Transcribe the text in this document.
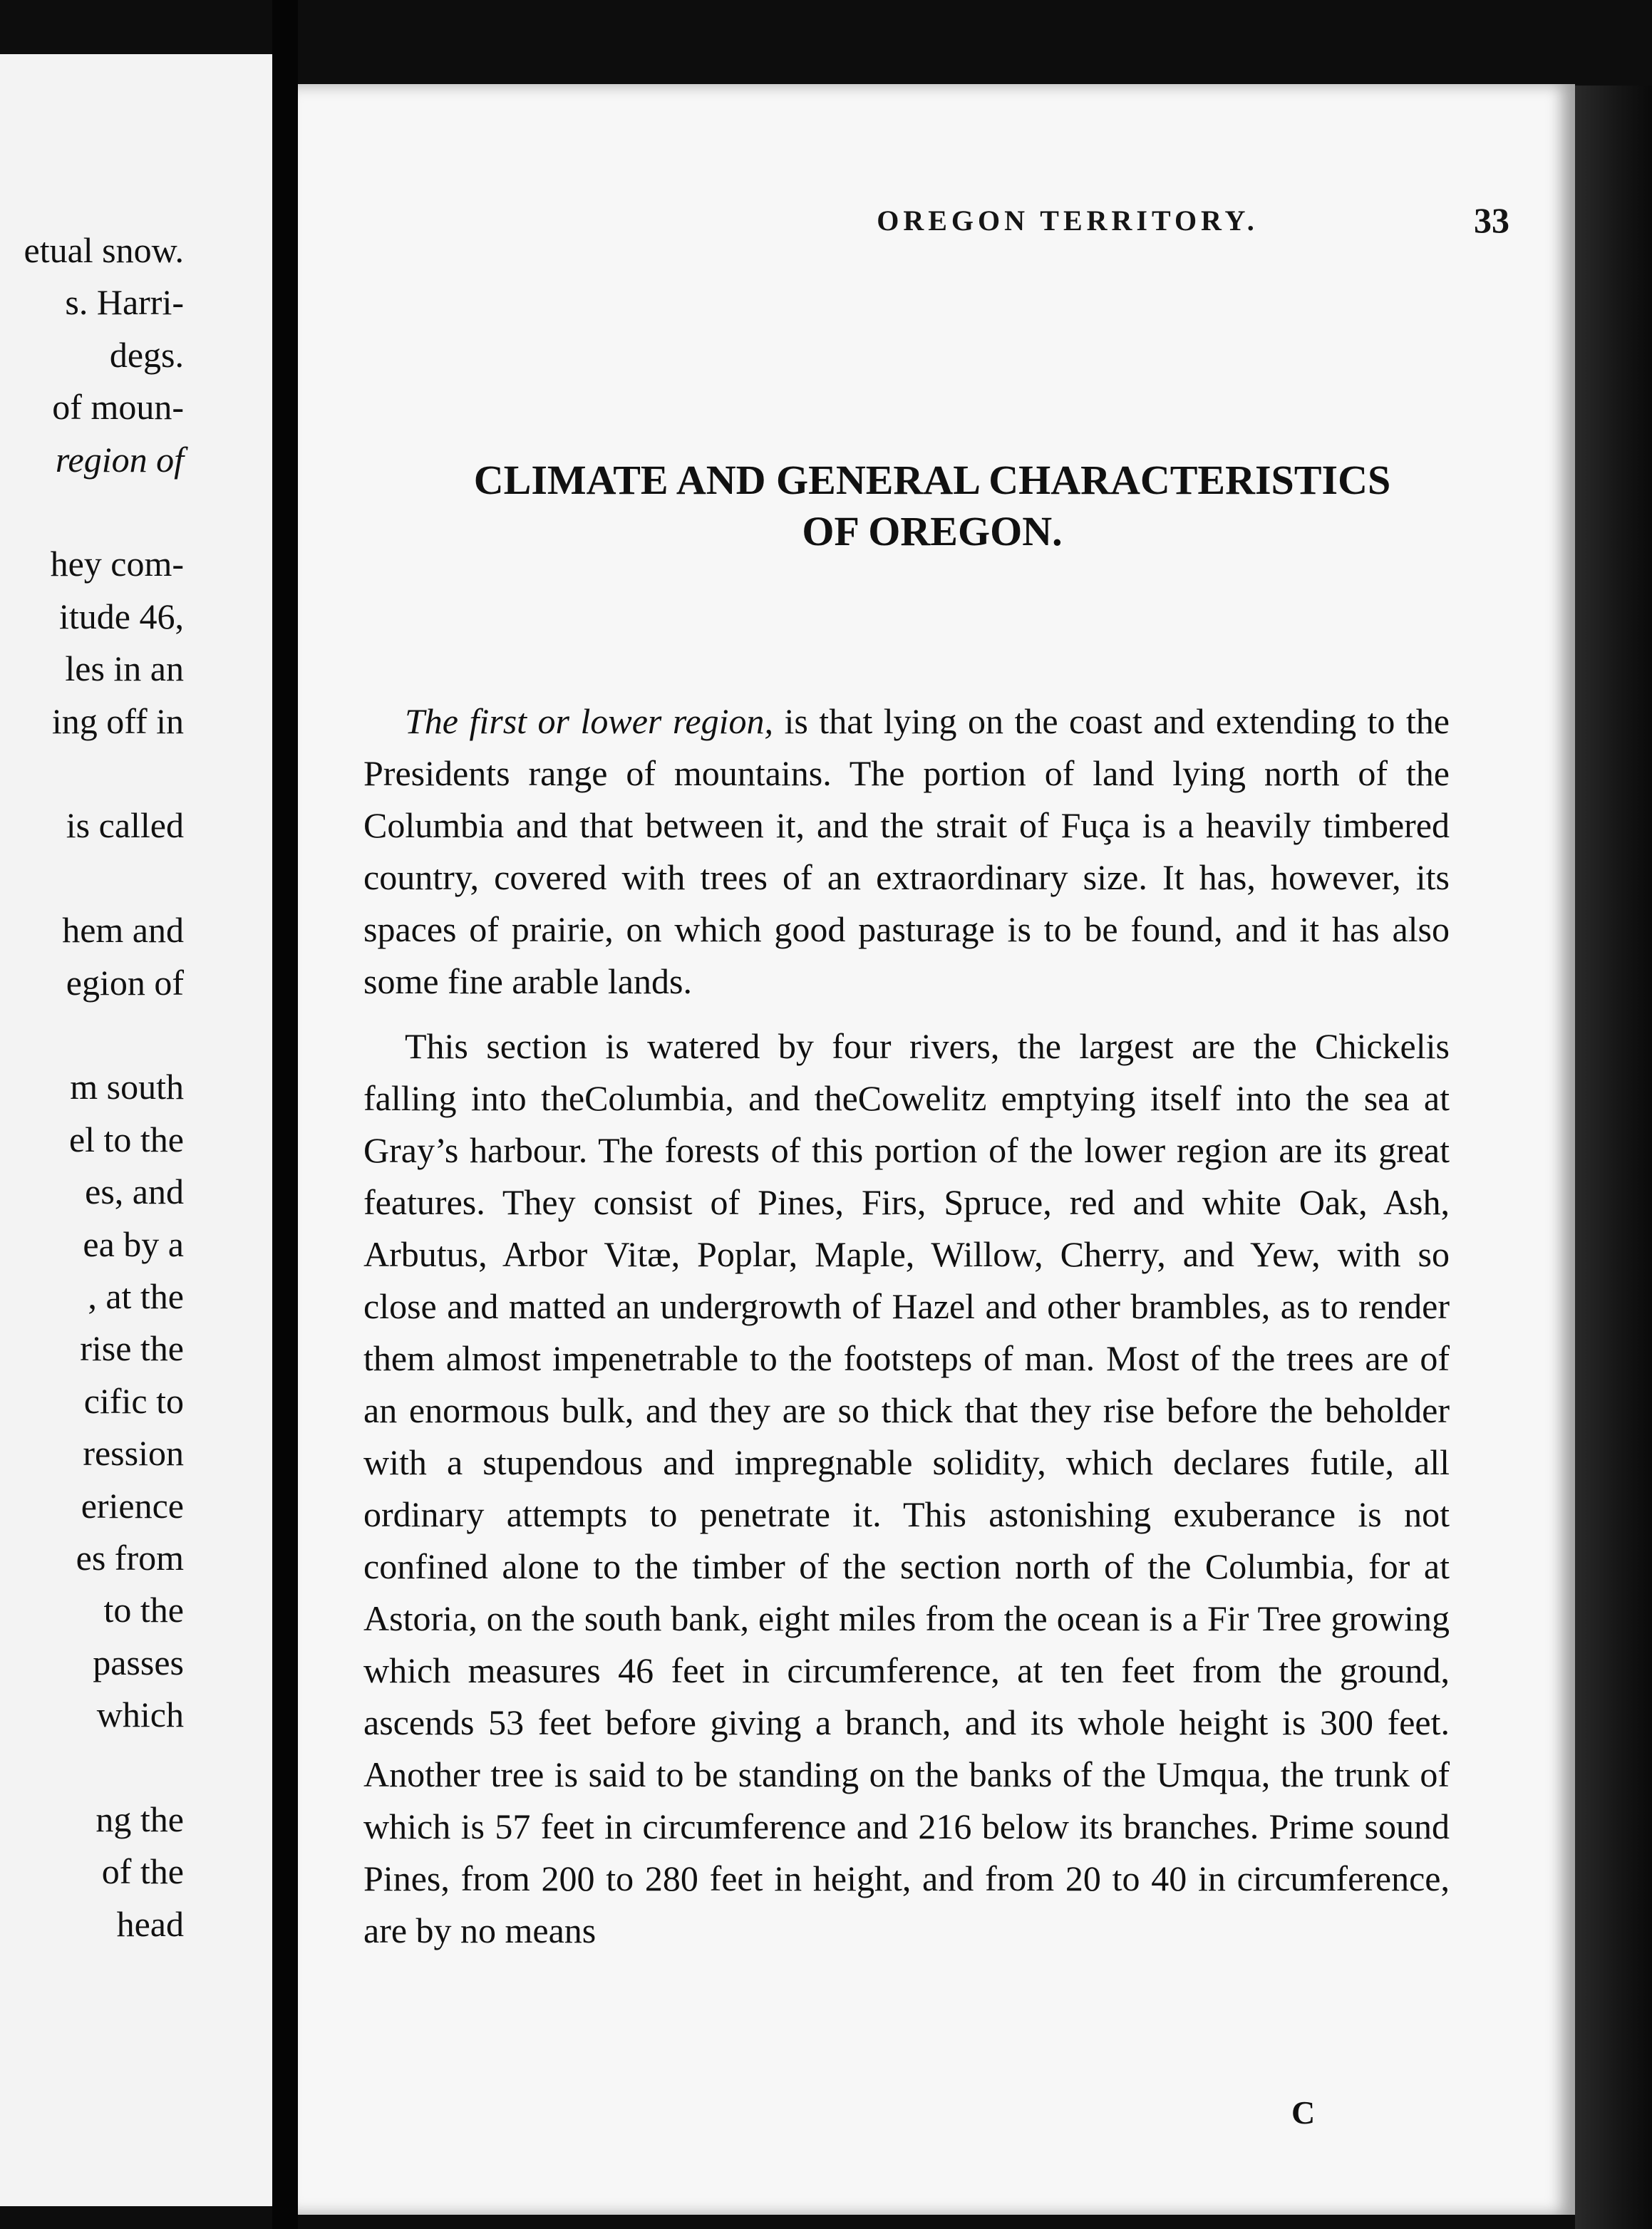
etual snow.
s. Harri-
degs.
of moun-
region of
hey com-
itude 46,
les in an
ing off in
is called
hem and
egion of
m south
el to the
es, and
ea by a
, at the
rise the
cific to
ression
erience
es from
to the
passes
which
ng the
of the
head
OREGON TERRITORY.	33
CLIMATE AND GENERAL CHARACTERISTICS
OF OREGON.

The first or lower region, is that lying on the coast and extending to the Presidents range of mountains. The portion of land lying north of the Columbia and that between it, and the strait of Fuça is a heavily timbered country, covered with trees of an extraordinary size. It has, however, its spaces of prairie, on which good pasturage is to be found, and it has also some fine arable lands.

This section is watered by four rivers, the largest are the Chickelis falling into theColumbia, and theCowelitz emptying itself into the sea at Gray’s harbour. The forests of this portion of the lower region are its great features. They consist of Pines, Firs, Spruce, red and white Oak, Ash, Arbutus, Arbor Vitæ, Poplar, Maple, Willow, Cherry, and Yew, with so close and matted an undergrowth of Hazel and other brambles, as to render them almost impenetrable to the footsteps of man. Most of the trees are of an enormous bulk, and they are so thick that they rise before the beholder with a stupendous and impregnable solidity, which declares futile, all ordinary attempts to penetrate it. This astonishing exuberance is not confined alone to the timber of the section north of the Columbia, for at Astoria, on the south bank, eight miles from the ocean is a Fir Tree growing which measures 46 feet in circumference, at ten feet from the ground, ascends 53 feet before giving a branch, and its whole height is 300 feet. Another tree is said to be standing on the banks of the Umqua, the trunk of which is 57 feet in circumference and 216 below its branches. Prime sound Pines, from 200 to 280 feet in height, and from 20 to 40 in circumference, are by no means

C
